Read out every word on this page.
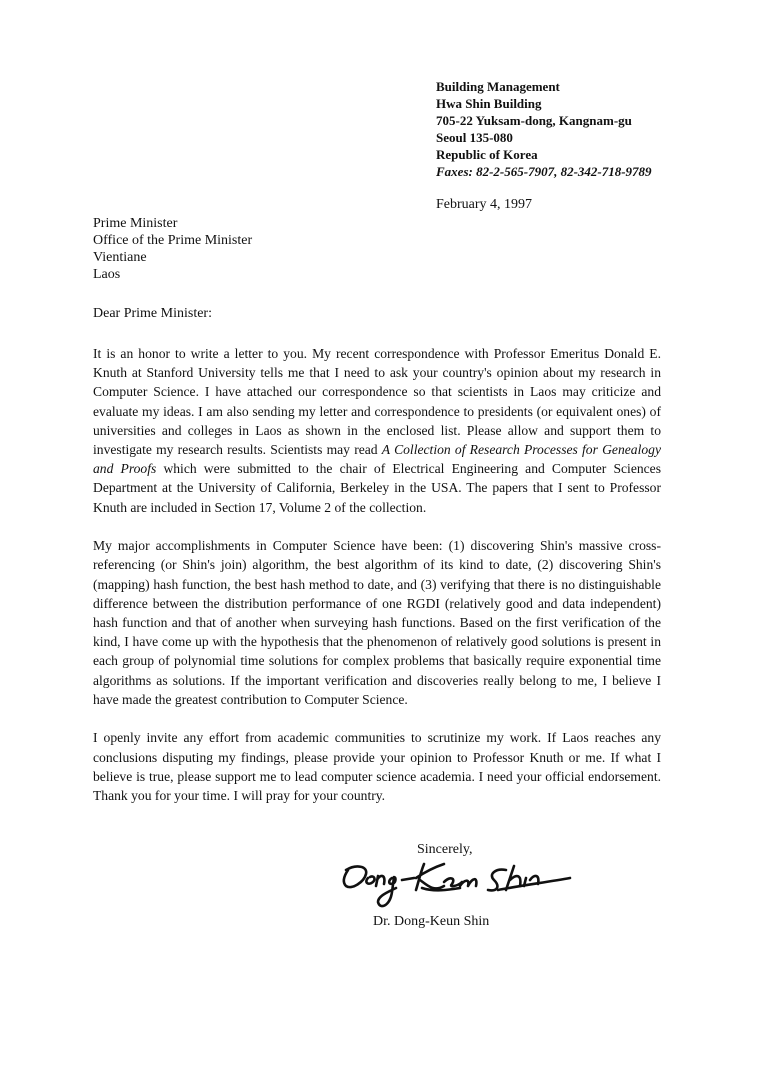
Building Management
Hwa Shin Building
705-22 Yuksam-dong, Kangnam-gu
Seoul 135-080
Republic of Korea
Faxes: 82-2-565-7907, 82-342-718-9789
February 4, 1997
Prime Minister
Office of the Prime Minister
Vientiane
Laos
Dear Prime Minister:

It is an honor to write a letter to you. My recent correspondence with Professor Emeritus Donald E. Knuth at Stanford University tells me that I need to ask your country's opinion about my research in Computer Science. I have attached our correspondence so that scientists in Laos may criticize and evaluate my ideas. I am also sending my letter and correspondence to presidents (or equivalent ones) of universities and colleges in Laos as shown in the enclosed list. Please allow and support them to investigate my research results. Scientists may read A Collection of Research Processes for Genealogy and Proofs which were submitted to the chair of Electrical Engineering and Computer Sciences Department at the University of California, Berkeley in the USA. The papers that I sent to Professor Knuth are included in Section 17, Volume 2 of the collection.

My major accomplishments in Computer Science have been: (1) discovering Shin's massive cross-referencing (or Shin's join) algorithm, the best algorithm of its kind to date, (2) discovering Shin's (mapping) hash function, the best hash method to date, and (3) verifying that there is no distinguishable difference between the distribution performance of one RGDI (relatively good and data independent) hash function and that of another when surveying hash functions. Based on the first verification of the kind, I have come up with the hypothesis that the phenomenon of relatively good solutions is present in each group of polynomial time solutions for complex problems that basically require exponential time algorithms as solutions. If the important verification and discoveries really belong to me, I believe I have made the greatest contribution to Computer Science.

I openly invite any effort from academic communities to scrutinize my work. If Laos reaches any conclusions disputing my findings, please provide your opinion to Professor Knuth or me. If what I believe is true, please support me to lead computer science academia. I need your official endorsement. Thank you for your time. I will pray for your country.

Sincerely,
Dr. Dong-Keun Shin
